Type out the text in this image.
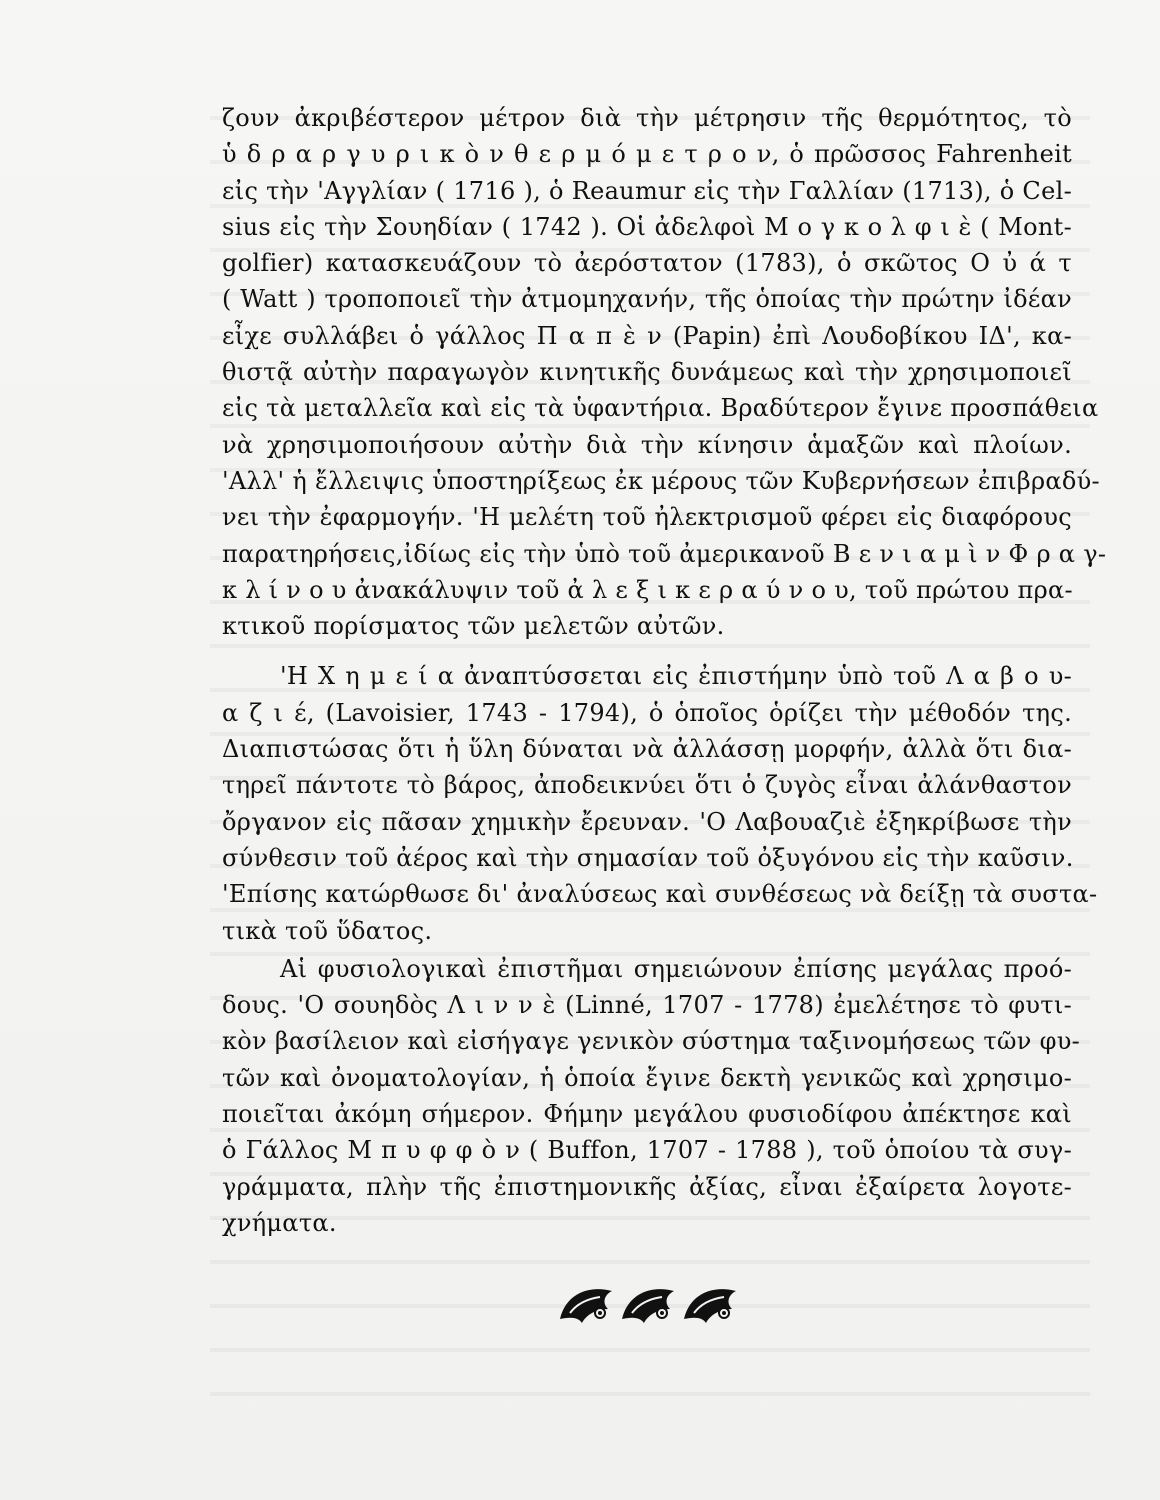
ζουν ἀκριβέστερον μέτρον διὰ τὴν μέτρησιν τῆς θερμότητος, τὸ
ὑ δ ρ α ρ γ υ ρ ι κ ὸ ν θ ε ρ μ ό μ ε τ ρ ο ν, ὁ πρῶσσος Fahrenheit
εἰς τὴν 'Αγγλίαν ( 1716 ), ὁ Reaumur εἰς τὴν Γαλλίαν (1713), ὁ Cel-
sius εἰς τὴν Σουηδίαν ( 1742 ). Οἱ ἀδελφοὶ Μ ο γ κ ο λ φ ι ὲ ( Mont-
golfier) κατασκευάζουν τὸ ἀερόστατον (1783), ὁ σκῶτος Ο ὐ ά τ
( Watt ) τροποποιεῖ τὴν ἀτμομηχανήν, τῆς ὁποίας τὴν πρώτην ἰδέαν
εἶχε συλλάβει ὁ γάλλος Π α π ὲ ν (Papin) ἐπὶ Λουδοβίκου ΙΔ', κα-
θιστᾷ αὐτὴν παραγωγὸν κινητικῆς δυνάμεως καὶ τὴν χρησιμοποιεῖ
εἰς τὰ μεταλλεῖα καὶ εἰς τὰ ὑφαντήρια. Βραδύτερον ἔγινε προσπάθεια
νὰ χρησιμοποιήσουν αὐτὴν διὰ τὴν κίνησιν ἁμαξῶν καὶ πλοίων.
'Αλλ' ἡ ἔλλειψις ὑποστηρίξεως ἐκ μέρους τῶν Κυβερνήσεων ἐπιβραδύ-
νει τὴν ἐφαρμογήν. 'Η μελέτη τοῦ ἠλεκτρισμοῦ φέρει εἰς διαφόρους
παρατηρήσεις,ἰδίως εἰς τὴν ὑπὸ τοῦ ἀμερικανοῦ Β ε ν ι α μ ὶ ν Φ ρ α γ-
κ λ ί ν ο υ ἀνακάλυψιν τοῦ ἀ λ ε ξ ι κ ε ρ α ύ ν ο υ, τοῦ πρώτου πρα-
κτικοῦ πορίσματος τῶν μελετῶν αὐτῶν.
'Η Χ η μ ε ί α ἀναπτύσσεται εἰς ἐπιστήμην ὑπὸ τοῦ Λ α β ο υ-
α ζ ι έ, (Lavoisier, 1743 - 1794), ὁ ὁποῖος ὁρίζει τὴν μέθοδόν της.
Διαπιστώσας ὅτι ἡ ὕλη δύναται νὰ ἀλλάσσῃ μορφήν, ἀλλὰ ὅτι δια-
τηρεῖ πάντοτε τὸ βάρος, ἀποδεικνύει ὅτι ὁ ζυγὸς εἶναι ἀλάνθαστον
ὄργανον εἰς πᾶσαν χημικὴν ἔρευναν. 'Ο Λαβουαζιὲ ἐξηκρίβωσε τὴν
σύνθεσιν τοῦ ἀέρος καὶ τὴν σημασίαν τοῦ ὀξυγόνου εἰς τὴν καῦσιν.
'Επίσης κατώρθωσε δι' ἀναλύσεως καὶ συνθέσεως νὰ δείξῃ τὰ συστα-
τικὰ τοῦ ὕδατος.
Αἱ φυσιολογικαὶ ἐπιστῆμαι σημειώνουν ἐπίσης μεγάλας προό-
δους. 'Ο σουηδὸς Λ ι ν ν ὲ (Linné, 1707 - 1778) ἐμελέτησε τὸ φυτι-
κὸν βασίλειον καὶ εἰσήγαγε γενικὸν σύστημα ταξινομήσεως τῶν φυ-
τῶν καὶ ὀνοματολογίαν, ἡ ὁποία ἔγινε δεκτὴ γενικῶς καὶ χρησιμο-
ποιεῖται ἀκόμη σήμερον. Φήμην μεγάλου φυσιοδίφου ἀπέκτησε καὶ
ὁ Γάλλος Μ π υ φ φ ὸ ν ( Buffon, 1707 - 1788 ), τοῦ ὁποίου τὰ συγ-
γράμματα, πλὴν τῆς ἐπιστημονικῆς ἀξίας, εἶναι ἐξαίρετα λογοτε-
χνήματα.
